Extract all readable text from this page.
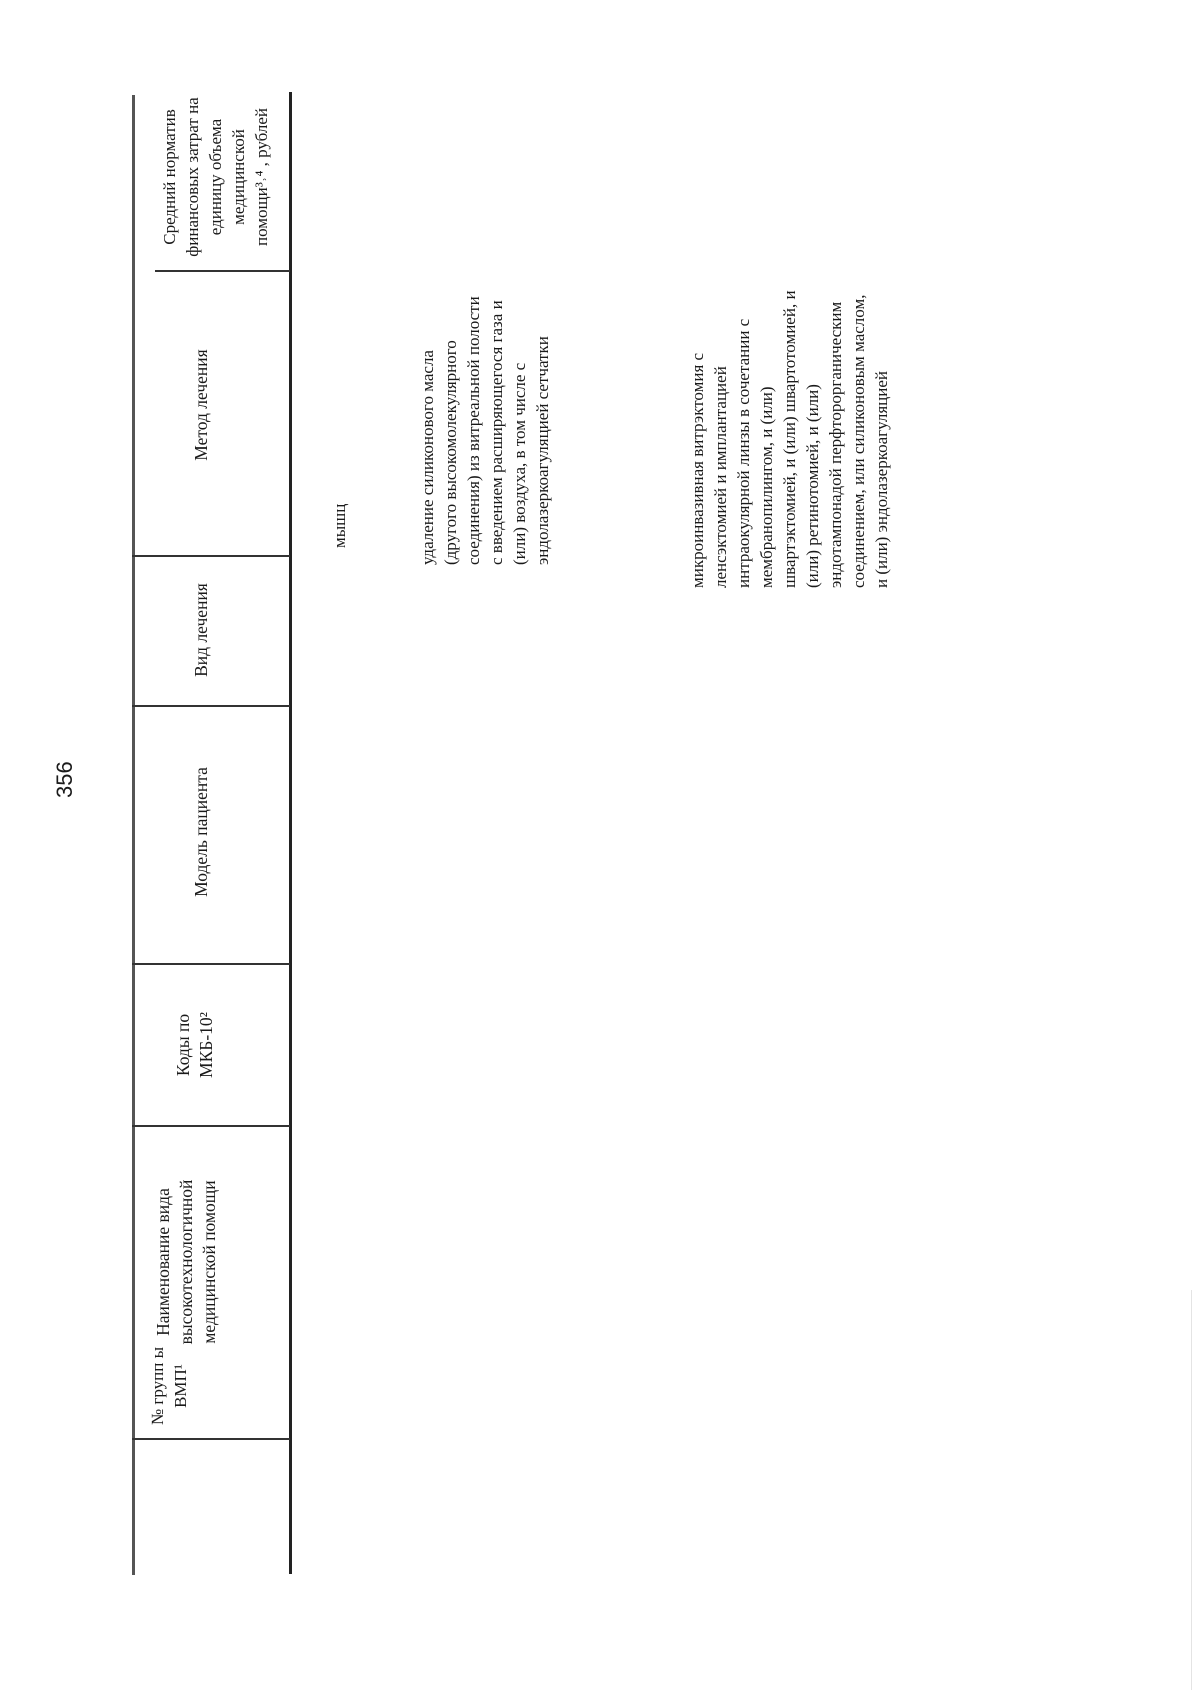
356
№ групп ы ВМП¹
Наименование вида высокотехнологичной медицинской помощи
Коды по МКБ-10²
Модель пациента
Вид лечения
Метод лечения
Средний норматив финансовых затрат на единицу объема медицинской помощи³˒⁴ , рублей
мышц	удаление силиконового масла (другого высокомолекулярного соединения) из витреальной полости с введением расширяющегося газа и (или) воздуха, в том числе с эндолазеркоагуляцией сетчатки	микроинвазивная витрэктомия с ленсэктомией и имплантацией интраокулярной линзы в сочетании с мембранопилингом, и (или) швартэктомией, и (или) швартотомией, и (или) ретинотомией, и (или) эндотампонадой перфторорганическим соединением, или силиконовым маслом, и (или) эндолазеркоагуляцией
